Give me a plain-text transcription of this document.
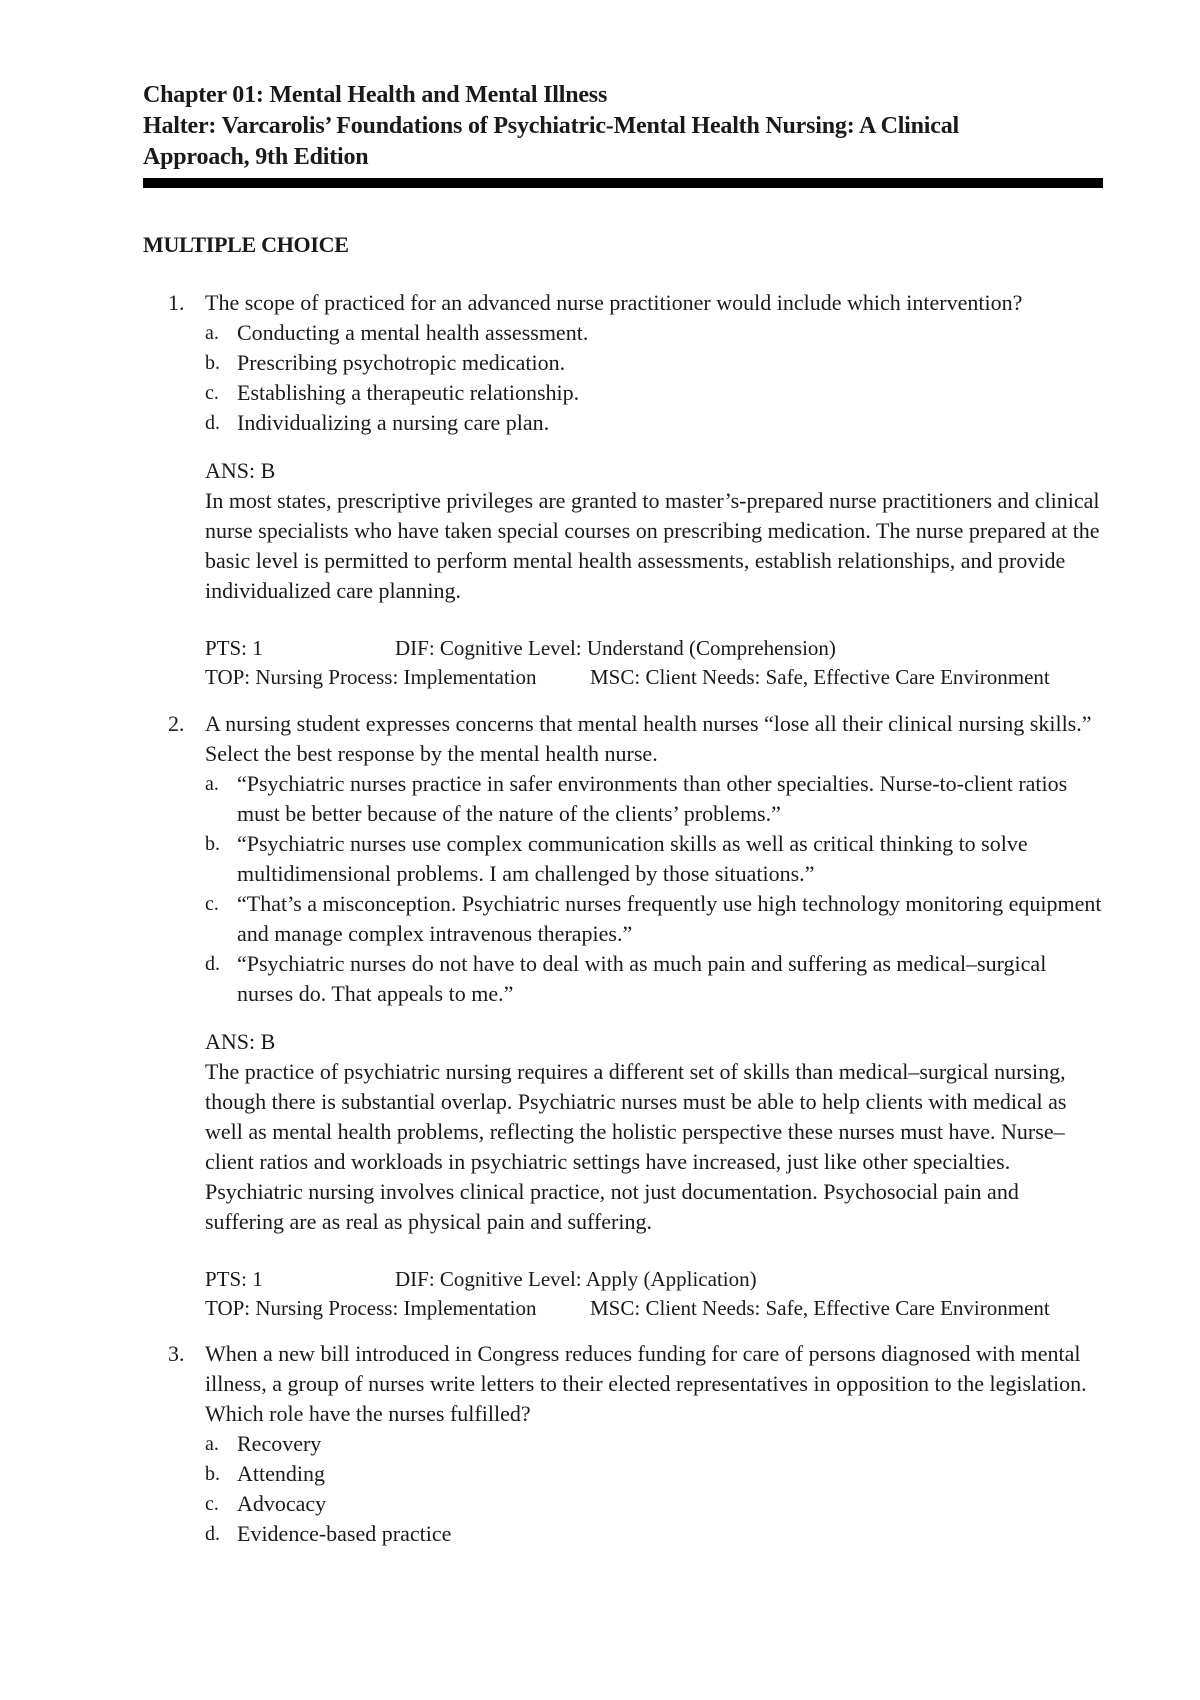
Chapter 01: Mental Health and Mental Illness

Halter: Varcarolis’ Foundations of Psychiatric-Mental Health Nursing: A Clinical

Approach, 9th Edition

MULTIPLE CHOICE
1. The scope of practiced for an advanced nurse practitioner would include which intervention?
a. Conducting a mental health assessment.
b. Prescribing psychotropic medication.
c. Establishing a therapeutic relationship.
d. Individualizing a nursing care plan.
ANS: B

In most states, prescriptive privileges are granted to master’s-prepared nurse practitioners and clinical nurse specialists who have taken special courses on prescribing medication. The nurse prepared at the basic level is permitted to perform mental health assessments, establish relationships, and provide individualized care planning.

PTS: 1	DIF: Cognitive Level: Understand (Comprehension)
TOP: Nursing Process: Implementation	MSC: Client Needs: Safe, Effective Care Environment
2. A nursing student expresses concerns that mental health nurses “lose all their clinical nursing skills.” Select the best response by the mental health nurse.
a. “Psychiatric nurses practice in safer environments than other specialties. Nurse-to-client ratios must be better because of the nature of the clients’ problems.”
b. “Psychiatric nurses use complex communication skills as well as critical thinking to solve multidimensional problems. I am challenged by those situations.”
c. “That’s a misconception. Psychiatric nurses frequently use high technology monitoring equipment and manage complex intravenous therapies.”
d. “Psychiatric nurses do not have to deal with as much pain and suffering as medical–surgical nurses do. That appeals to me.”
ANS: B

The practice of psychiatric nursing requires a different set of skills than medical–surgical nursing, though there is substantial overlap. Psychiatric nurses must be able to help clients with medical as well as mental health problems, reflecting the holistic perspective these nurses must have. Nurse–client ratios and workloads in psychiatric settings have increased, just like other specialties. Psychiatric nursing involves clinical practice, not just documentation. Psychosocial pain and suffering are as real as physical pain and suffering.

PTS: 1	DIF: Cognitive Level: Apply (Application)
TOP: Nursing Process: Implementation	MSC: Client Needs: Safe, Effective Care Environment
3. When a new bill introduced in Congress reduces funding for care of persons diagnosed with mental illness, a group of nurses write letters to their elected representatives in opposition to the legislation. Which role have the nurses fulfilled?
a. Recovery
b. Attending
c. Advocacy
d. Evidence-based practice
